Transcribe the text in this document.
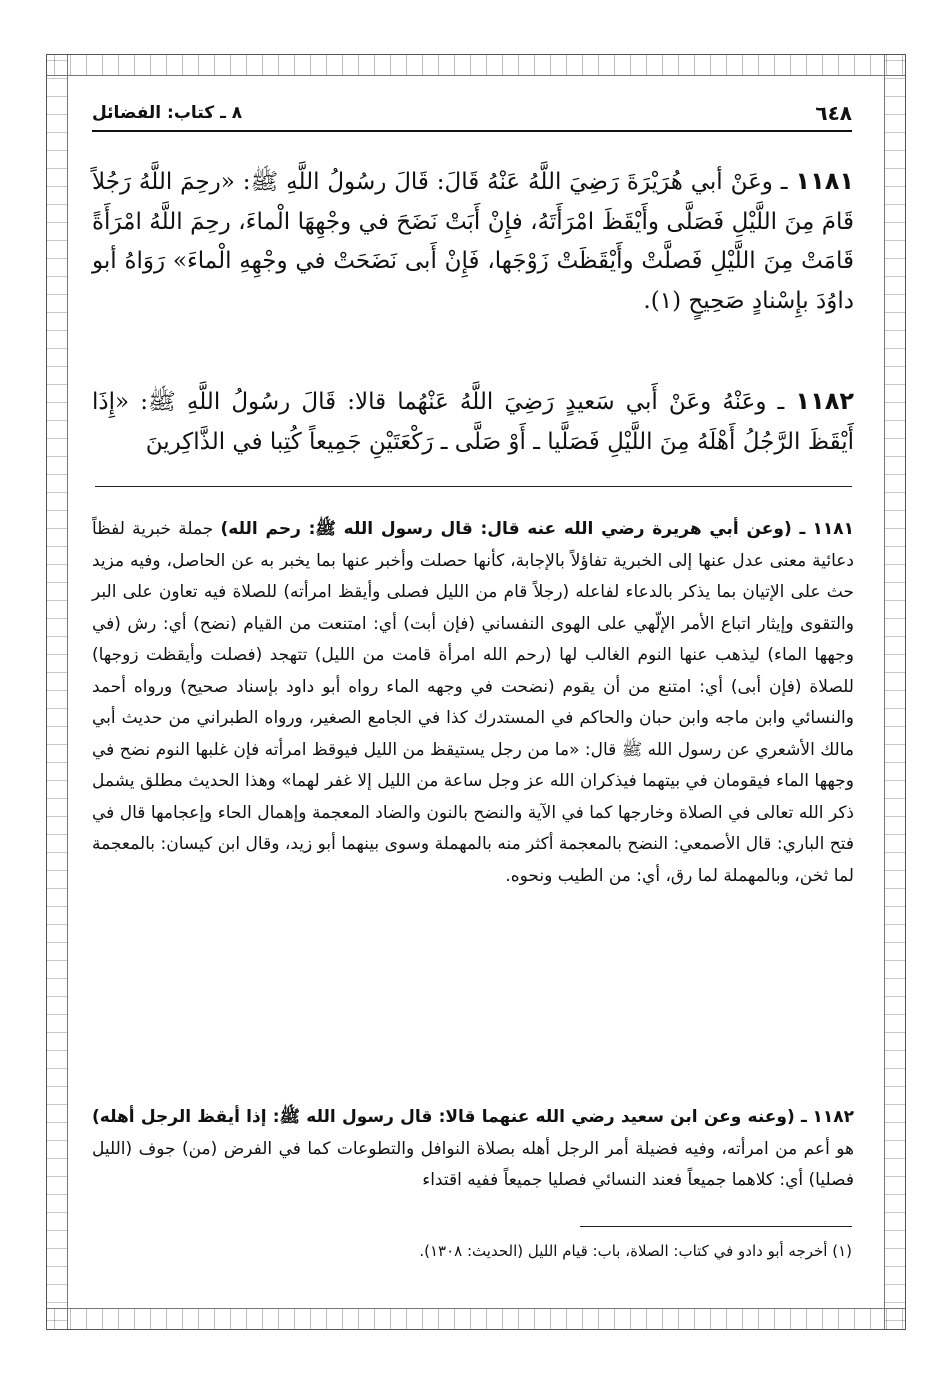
٦٤٨
٨ ـ كتاب: الفضائل
١١٨١ ـ وعَنْ أبي هُرَيْرَةَ رَضِيَ اللَّهُ عَنْهُ قَالَ: قَالَ رسُولُ اللَّهِ ﷺ: «رحِمَ اللَّهُ رَجُلاً قَامَ مِنَ اللَّيْلِ فَصَلَّى وأَيْقَظَ امْرَأَتَهُ، فإِنْ أَبَتْ نَضَحَ في وجْهِهَا الْماءَ، رحِمَ اللَّهُ امْرَأَةً قَامَتْ مِنَ اللَّيْلِ فَصلَّتْ وأَيْقَظَتْ زَوْجَها، فَإِنْ أَبى نَضَحَتْ في وجْهِهِ الْماءَ» رَوَاهُ أبو داوُدَ بإِسْنادٍ صَحِيحٍ (١).
١١٨٢ ـ وعَنْهُ وعَنْ أَبي سَعيدٍ رَضِيَ اللَّهُ عَنْهُما قالا: قَالَ رسُولُ اللَّهِ ﷺ: «إِذَا أَيْقَظَ الرَّجُلُ أَهْلَهُ مِنَ اللَّيْلِ فَصَلَّيا ـ أَوْ صَلَّى ـ رَكْعَتَيْنِ جَمِيعاً كُتِبا في الذَّاكِرينَ
١١٨١ ـ (وعن أبي هريرة رضي الله عنه قال: قال رسول الله ﷺ: رحم الله) جملة خبرية لفظاً دعائية معنى عدل عنها إلى الخبرية تفاؤلاً بالإجابة، كأنها حصلت وأخبر عنها بما يخبر به عن الحاصل، وفيه مزيد حث على الإتيان بما يذكر بالدعاء لفاعله (رجلاً قام من الليل فصلى وأيقظ امرأته) للصلاة فيه تعاون على البر والتقوى وإيثار اتباع الأمر الإلّهي على الهوى النفساني (فإن أبت) أي: امتنعت من القيام (نضح) أي: رش (في وجهها الماء) ليذهب عنها النوم الغالب لها (رحم الله امرأة قامت من الليل) تتهجد (فصلت وأيقظت زوجها) للصلاة (فإن أبى) أي: امتنع من أن يقوم (نضحت في وجهه الماء رواه أبو داود بإسناد صحيح) ورواه أحمد والنسائي وابن ماجه وابن حبان والحاكم في المستدرك كذا في الجامع الصغير، ورواه الطبراني من حديث أبي مالك الأشعري عن رسول الله ﷺ قال: «ما من رجل يستيقظ من الليل فيوقظ امرأته فإن غلبها النوم نضح في وجهها الماء فيقومان في بيتهما فيذكران الله عز وجل ساعة من الليل إلا غفر لهما» وهذا الحديث مطلق يشمل ذكر الله تعالى في الصلاة وخارجها كما في الآية والنضح بالنون والضاد المعجمة وإهمال الحاء وإعجامها قال في فتح الباري: قال الأصمعي: النضح بالمعجمة أكثر منه بالمهملة وسوى بينهما أبو زيد، وقال ابن كيسان: بالمعجمة لما ثخن، وبالمهملة لما رق، أي: من الطيب ونحوه.
١١٨٢ ـ (وعنه وعن ابن سعيد رضي الله عنهما قالا: قال رسول الله ﷺ: إذا أيقظ الرجل أهله) هو أعم من امرأته، وفيه فضيلة أمر الرجل أهله بصلاة النوافل والتطوعات كما في الفرض (من) جوف (الليل فصليا) أي: كلاهما جميعاً فعند النسائي فصليا جميعاً ففيه اقتداء
(١) أخرجه أبو دادو في كتاب: الصلاة، باب: قيام الليل (الحديث: ١٣٠٨).
